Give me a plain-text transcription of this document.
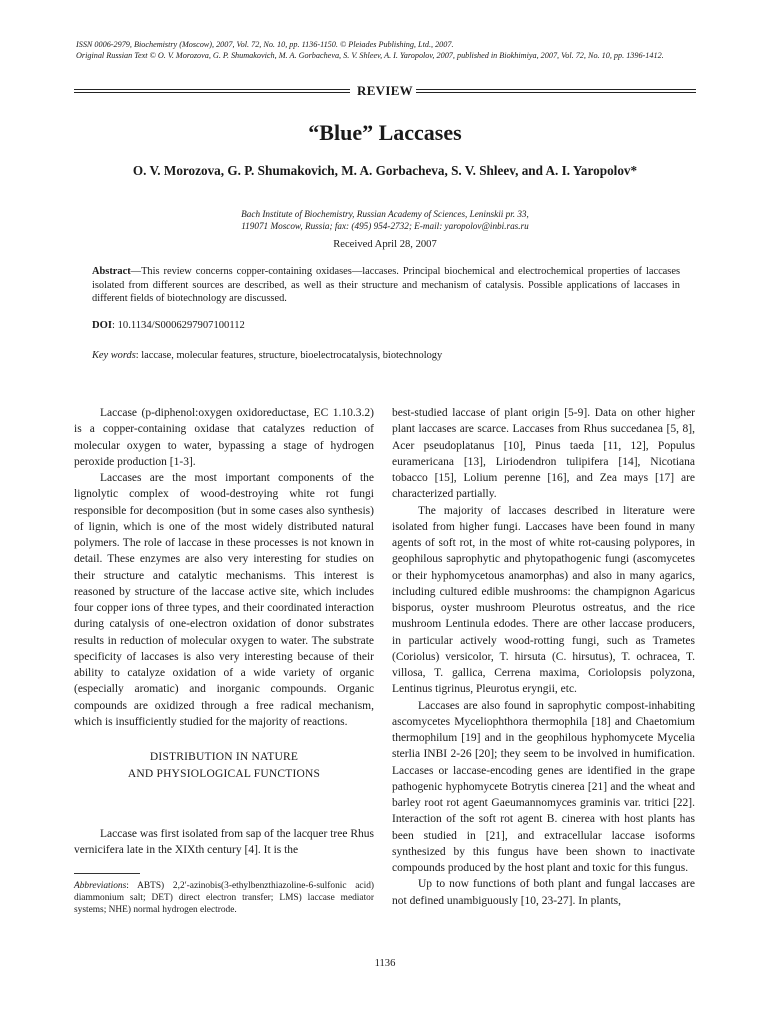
ISSN 0006-2979, Biochemistry (Moscow), 2007, Vol. 72, No. 10, pp. 1136-1150. © Pleiades Publishing, Ltd., 2007.

Original Russian Text © O. V. Morozova, G. P. Shumakovich, M. A. Gorbacheva, S. V. Shleev, A. I. Yaropolov, 2007, published in Biokhimiya, 2007, Vol. 72, No. 10, pp. 1396-1412.

REVIEW
“Blue” Laccases
O. V. Morozova, G. P. Shumakovich, M. A. Gorbacheva, S. V. Shleev, and A. I. Yaropolov*

Bach Institute of Biochemistry, Russian Academy of Sciences, Leninskii pr. 33,

119071 Moscow, Russia; fax: (495) 954-2732; E-mail: yaropolov@inbi.ras.ru

Received April 28, 2007
Abstract—This review concerns copper-containing oxidases—laccases. Principal biochemical and electrochemical properties of laccases isolated from different sources are described, as well as their structure and mechanism of catalysis. Possible applications of laccases in different fields of biotechnology are discussed.
DOI: 10.1134/S0006297907100112
Key words: laccase, molecular features, structure, bioelectrocatalysis, biotechnology

Laccase (p-diphenol:oxygen oxidoreductase, EC 1.10.3.2) is a copper-containing oxidase that catalyzes reduction of molecular oxygen to water, bypassing a stage of hydrogen peroxide production [1-3].

Laccases are the most important components of the lignolytic complex of wood-destroying white rot fungi responsible for decomposition (but in some cases also synthesis) of lignin, which is one of the most widely distributed natural polymers. The role of laccase in these processes is not known in detail. These enzymes are also very interesting for studies on their structure and catalytic mechanisms. This interest is reasoned by structure of the laccase active site, which includes four copper ions of three types, and their coordinated interaction during catalysis of one-electron oxidation of donor substrates results in reduction of molecular oxygen to water. The substrate specificity of laccases is also very interesting because of their ability to catalyze oxidation of a wide variety of organic (especially aromatic) and inorganic compounds. Organic compounds are oxidized through a free radical mechanism, which is insufficiently studied for the majority of reactions.

DISTRIBUTION IN NATURE
AND PHYSIOLOGICAL FUNCTIONS

Laccase was first isolated from sap of the lacquer tree Rhus vernicifera late in the XIXth century [4]. It is the

Abbreviations: ABTS) 2,2′-azinobis(3-ethylbenzthiazoline-6-sulfonic acid) diammonium salt; DET) direct electron transfer; LMS) laccase mediator systems; NHE) normal hydrogen electrode.

best-studied laccase of plant origin [5-9]. Data on other higher plant laccases are scarce. Laccases from Rhus succedanea [5, 8], Acer pseudoplatanus [10], Pinus taeda [11, 12], Populus euramericana [13], Liriodendron tulipifera [14], Nicotiana tobacco [15], Lolium perenne [16], and Zea mays [17] are characterized partially.

The majority of laccases described in literature were isolated from higher fungi. Laccases have been found in many agents of soft rot, in the most of white rot-causing polypores, in geophilous saprophytic and phytopathogenic fungi (ascomycetes or their hyphomycetous anamorphas) and also in many agarics, including cultured edible mushrooms: the champignon Agaricus bisporus, oyster mushroom Pleurotus ostreatus, and the rice mushroom Lentinula edodes. There are other laccase producers, in particular actively wood-rotting fungi, such as Trametes (Coriolus) versicolor, T. hirsuta (C. hirsutus), T. ochracea, T. villosa, T. gallica, Cerrena maxima, Coriolopsis polyzona, Lentinus tigrinus, Pleurotus eryngii, etc.

Laccases are also found in saprophytic compost-inhabiting ascomycetes Myceliophthora thermophila [18] and Chaetomium thermophilum [19] and in the geophilous hyphomycete Mycelia sterlia INBI 2-26 [20]; they seem to be involved in humification. Laccases or laccase-encoding genes are identified in the grape pathogenic hyphomycete Botrytis cinerea [21] and the wheat and barley root rot agent Gaeumannomyces graminis var. tritici [22]. Interaction of the soft rot agent B. cinerea with host plants has been studied in [21], and extracellular laccase isoforms synthesized by this fungus have been shown to inactivate compounds produced by the host plant and toxic for this fungus.

Up to now functions of both plant and fungal laccases are not defined unambiguously [10, 23-27]. In plants,

1136
